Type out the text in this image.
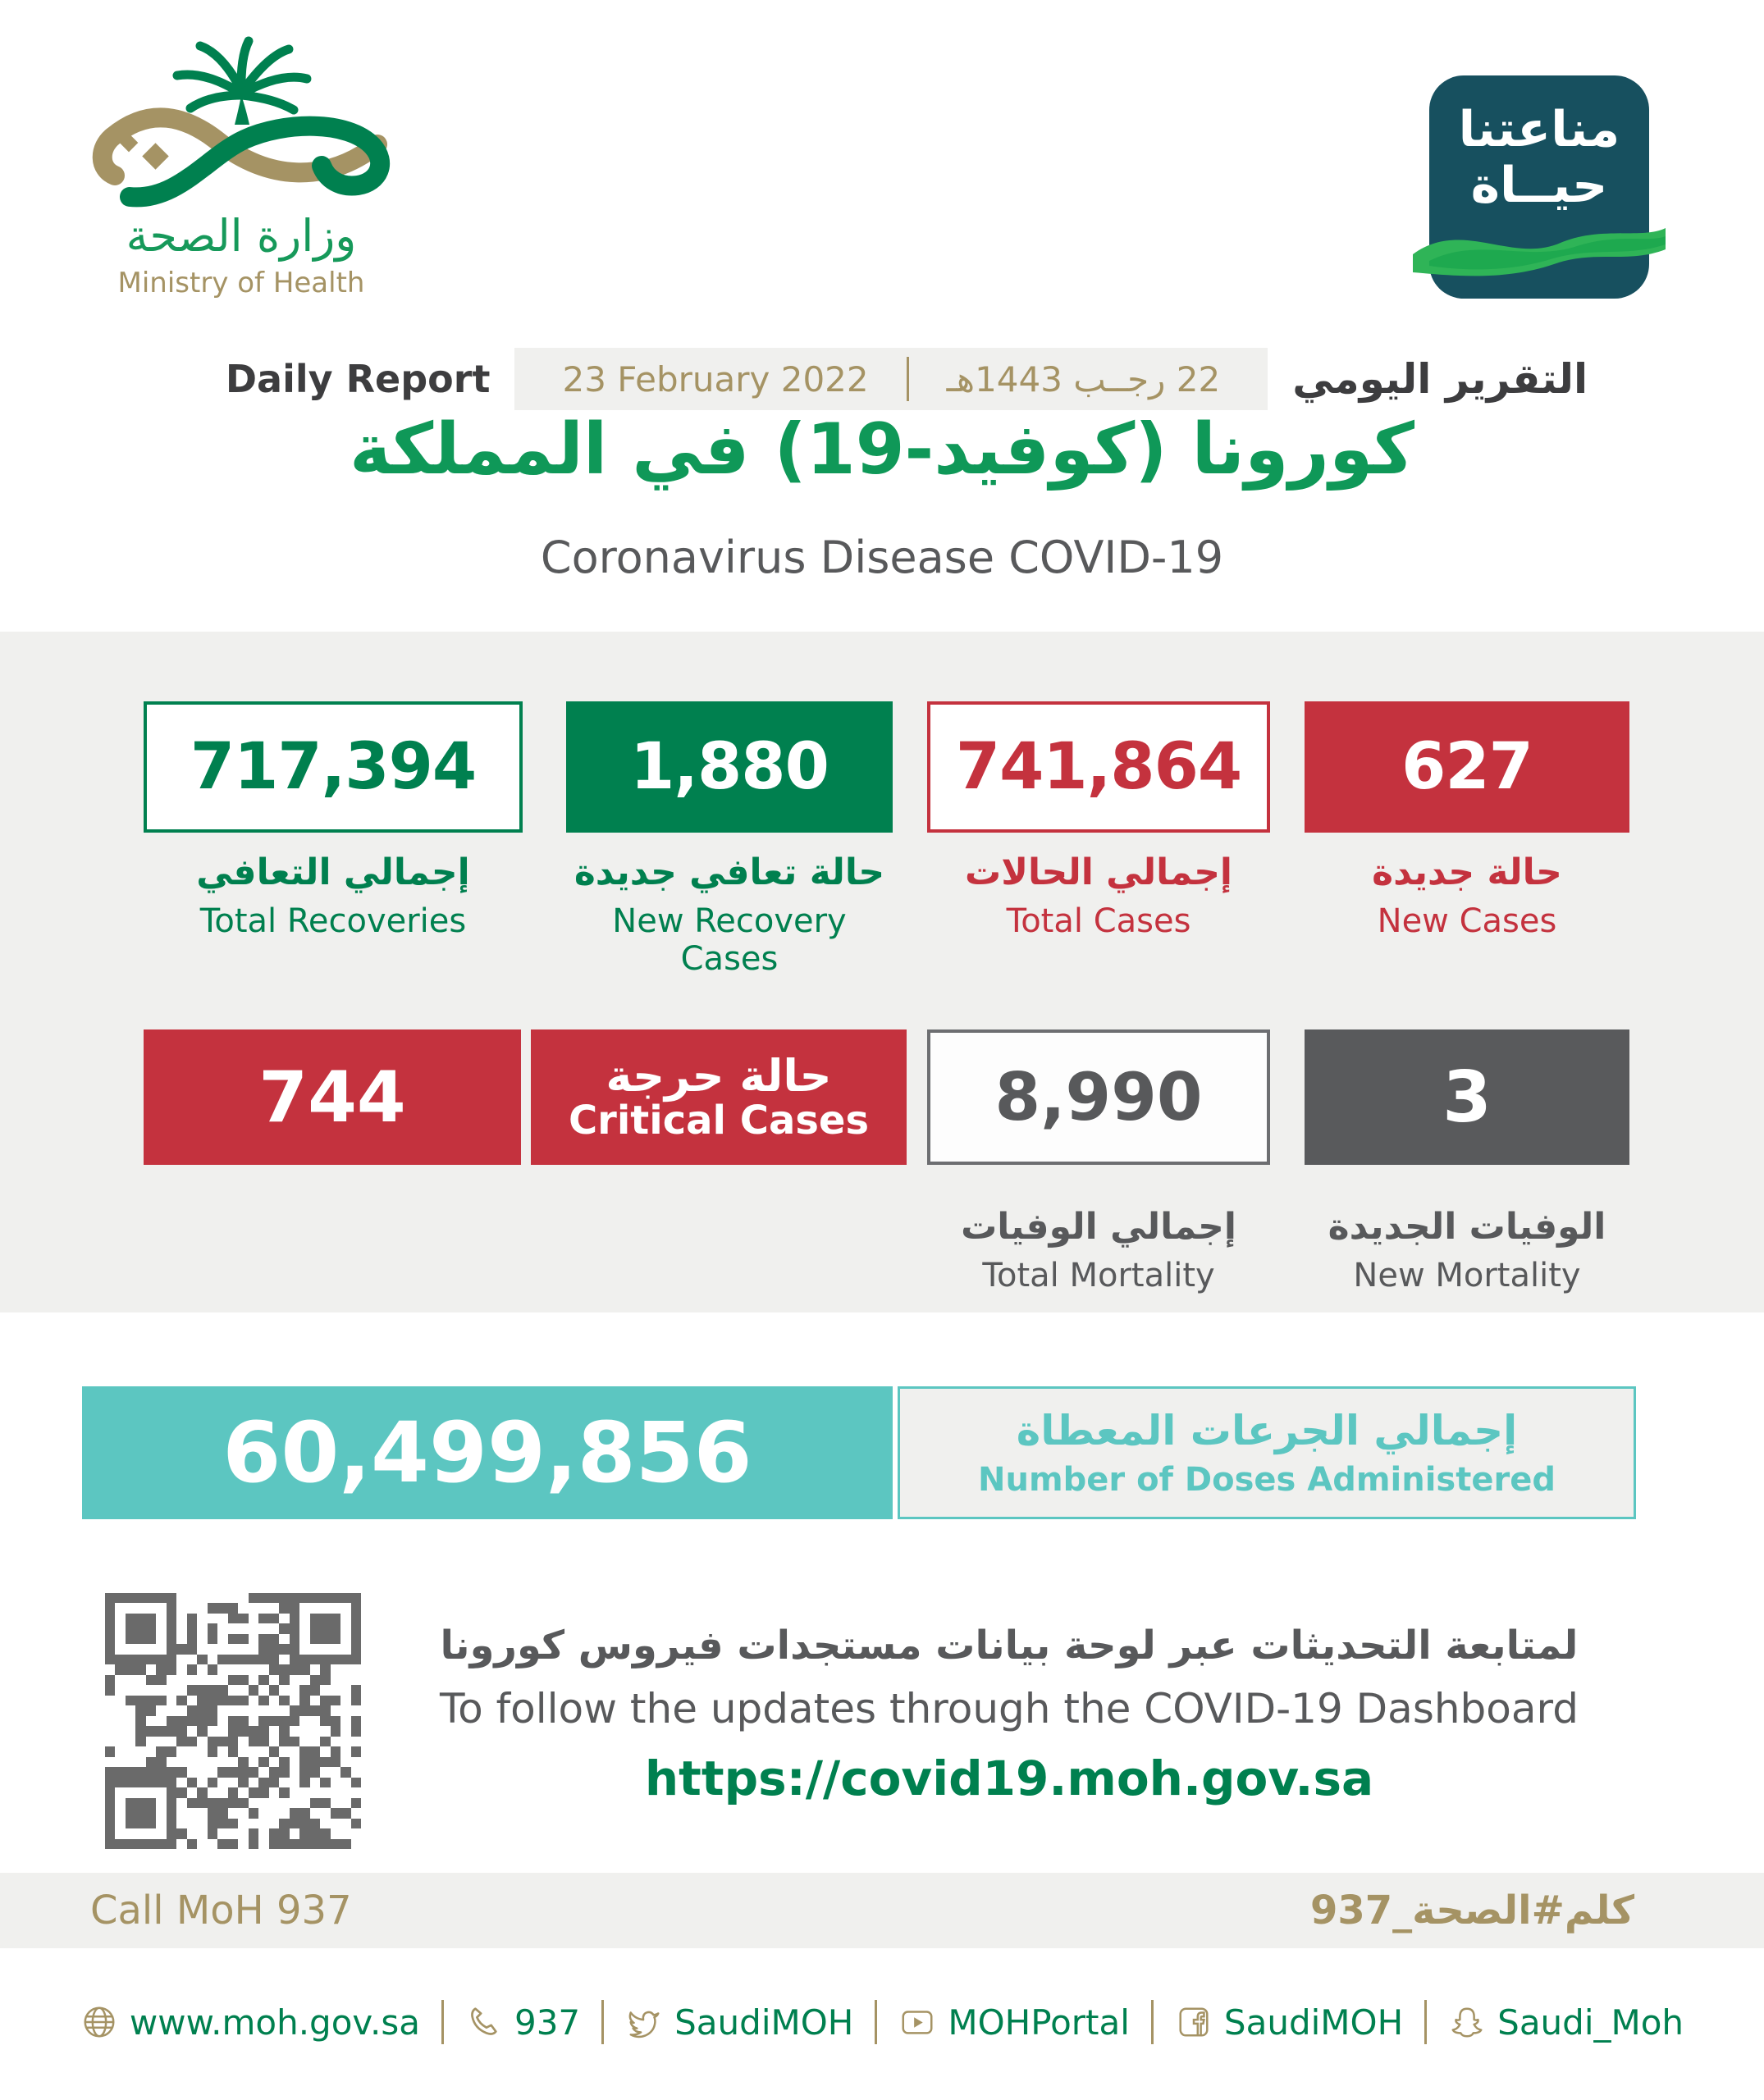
وزارة الصحة
Ministry of Health
مناعتنا
حيــاة
Daily Report 23 February 2022 22 رجــب 1443هـ التقرير اليومي
كورونا (كوفيد-19) في المملكة
Coronavirus Disease COVID-19
717,394 1,880 741,864 627
إجمالي التعافي
Total Recoveries
حالة تعافي جديدة
New Recovery Cases
إجمالي الحالات
Total Cases
حالة جديدة
New Cases
744	حالة حرجة
Critical Cases 8,990	3
إجمالي الوفيات
Total Mortality
الوفيات الجديدة
New Mortality
60,499,856	إجمالي الجرعات المعطاة
Number of Doses Administered
لمتابعة التحديثات عبر لوحة بيانات مستجدات فيروس كورونا
To follow the updates through the COVID-19 Dashboard
https://covid19.moh.gov.sa
Call MoH 937	كلم#الصحة_937
www.moh.gov.sa	937	SaudiMOH	MOHPortal	SaudiMOH	Saudi_Moh
